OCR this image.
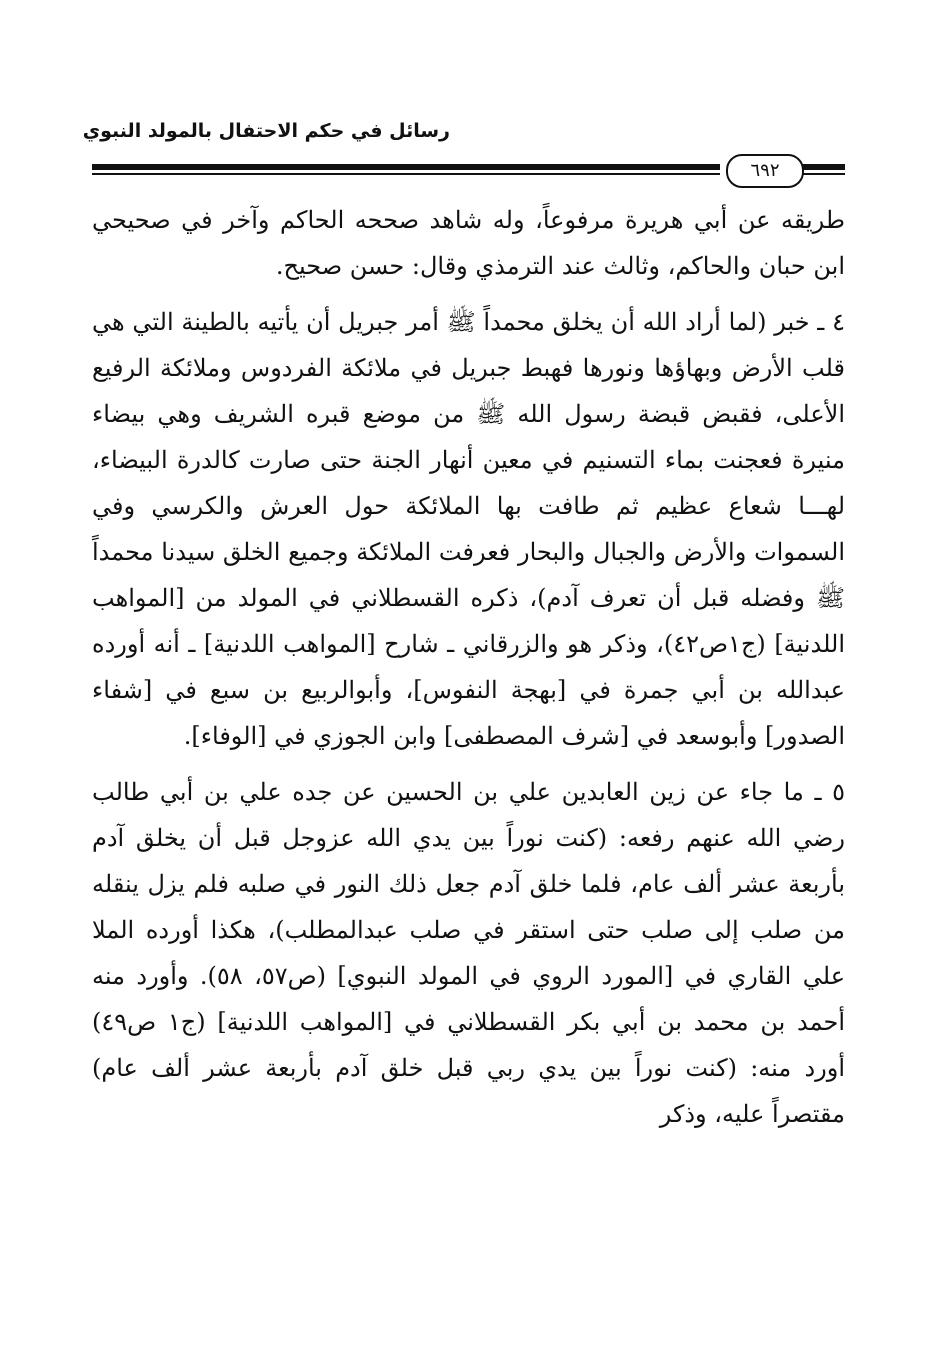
رسائل في حكم الاحتفال بالمولد النبوي
٦٩٢

طريقه عن أبي هريرة مرفوعاً، وله شاهد صححه الحاكم وآخر في صحيحي ابن حبان والحاكم، وثالث عند الترمذي وقال: حسن صحيح.

٤ ـ خبر (لما أراد الله أن يخلق محمداً ﷺ أمر جبريل أن يأتيه بالطينة التي هي قلب الأرض وبهاؤها ونورها فهبط جبريل في ملائكة الفردوس وملائكة الرفيع الأعلى، فقبض قبضة رسول الله ﷺ من موضع قبره الشريف وهي بيضاء منيرة فعجنت بماء التسنيم في معين أنهار الجنة حتى صارت كالدرة البيضاء، لهـــا شعاع عظيم ثم طافت بها الملائكة حول العرش والكرسي وفي السموات والأرض والجبال والبحار فعرفت الملائكة وجميع الخلق سيدنا محمداً ﷺ وفضله قبل أن تعرف آدم)، ذكره القسطلاني في المولد من [المواهب اللدنية] (ج١ص٤٢)، وذكر هو والزرقاني ـ شارح [المواهب اللدنية] ـ أنه أورده عبدالله بن أبي جمرة في [بهجة النفوس]، وأبوالربيع بن سبع في [شفاء الصدور] وأبوسعد في [شرف المصطفى] وابن الجوزي في [الوفاء].

٥ ـ ما جاء عن زين العابدين علي بن الحسين عن جده علي بن أبي طالب رضي الله عنهم رفعه: (كنت نوراً بين يدي الله عزوجل قبل أن يخلق آدم بأربعة عشر ألف عام، فلما خلق آدم جعل ذلك النور في صلبه فلم يزل ينقله من صلب إلى صلب حتى استقر في صلب عبدالمطلب)، هكذا أورده الملا علي القاري في [المورد الروي في المولد النبوي] (ص٥٧، ٥٨). وأورد منه أحمد بن محمد بن أبي بكر القسطلاني في [المواهب اللدنية] (ج١ ص٤٩) أورد منه: (كنت نوراً بين يدي ربي قبل خلق آدم بأربعة عشر ألف عام) مقتصراً عليه، وذكر
